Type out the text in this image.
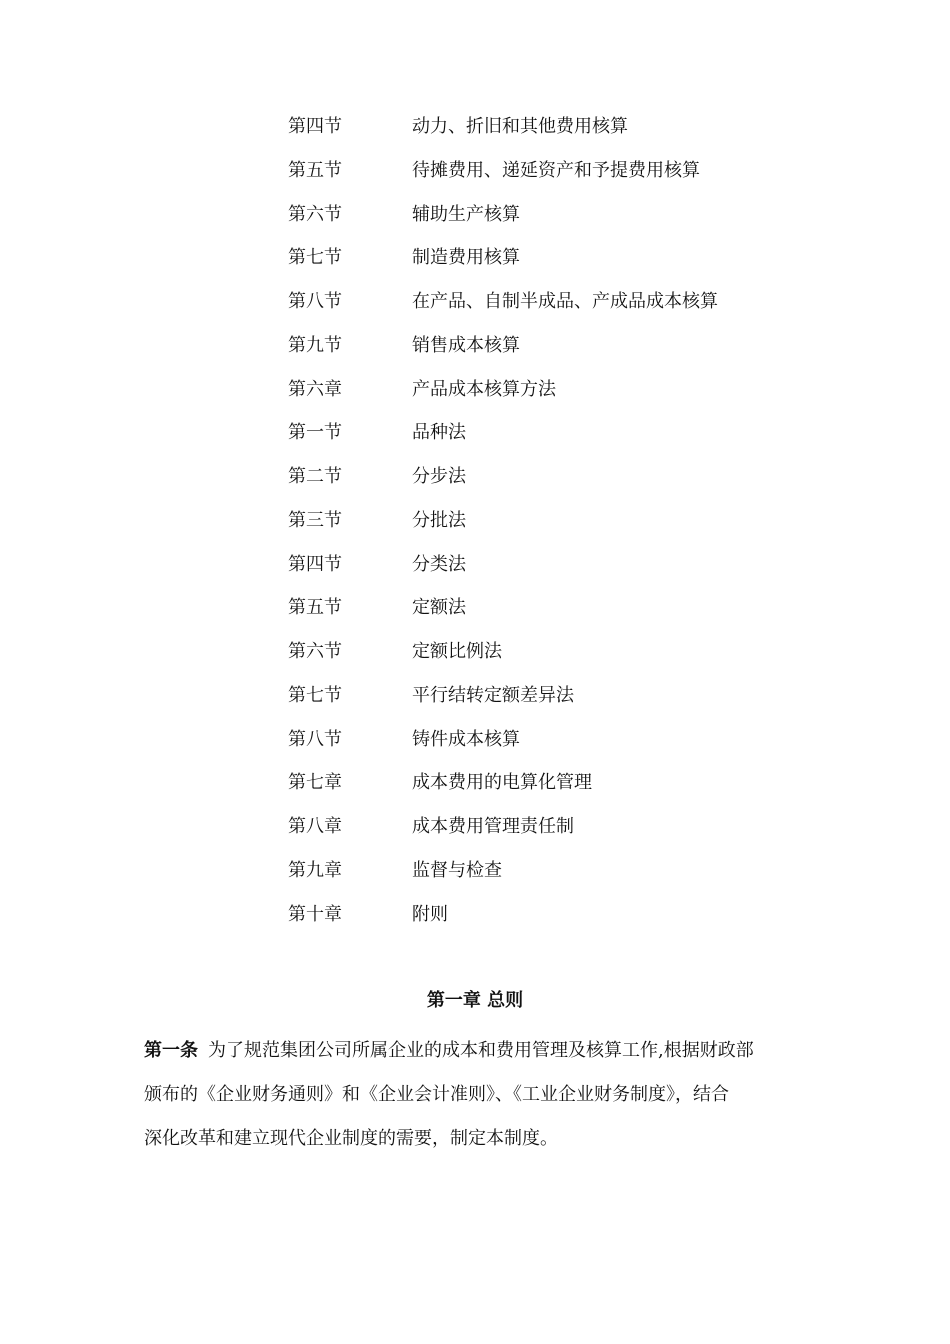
第四节	动力、折旧和其他费用核算
第五节	待摊费用、递延资产和予提费用核算
第六节	辅助生产核算
第七节	制造费用核算
第八节	在产品、自制半成品、产成品成本核算
第九节	销售成本核算
第六章	产品成本核算方法
第一节	品种法
第二节	分步法
第三节	分批法
第四节	分类法
第五节	定额法
第六节	定额比例法
第七节	平行结转定额差异法
第八节	铸件成本核算
第七章	成本费用的电算化管理
第八章	成本费用管理责任制
第九章	监督与检查
第十章	附则
第一章 总则
第一条 为了规范集团公司所属企业的成本和费用管理及核算工作,根据财政部
颁布的《企业财务通则》和《企业会计准则》、《工业企业财务制度》，结合
深化改革和建立现代企业制度的需要，制定本制度。
